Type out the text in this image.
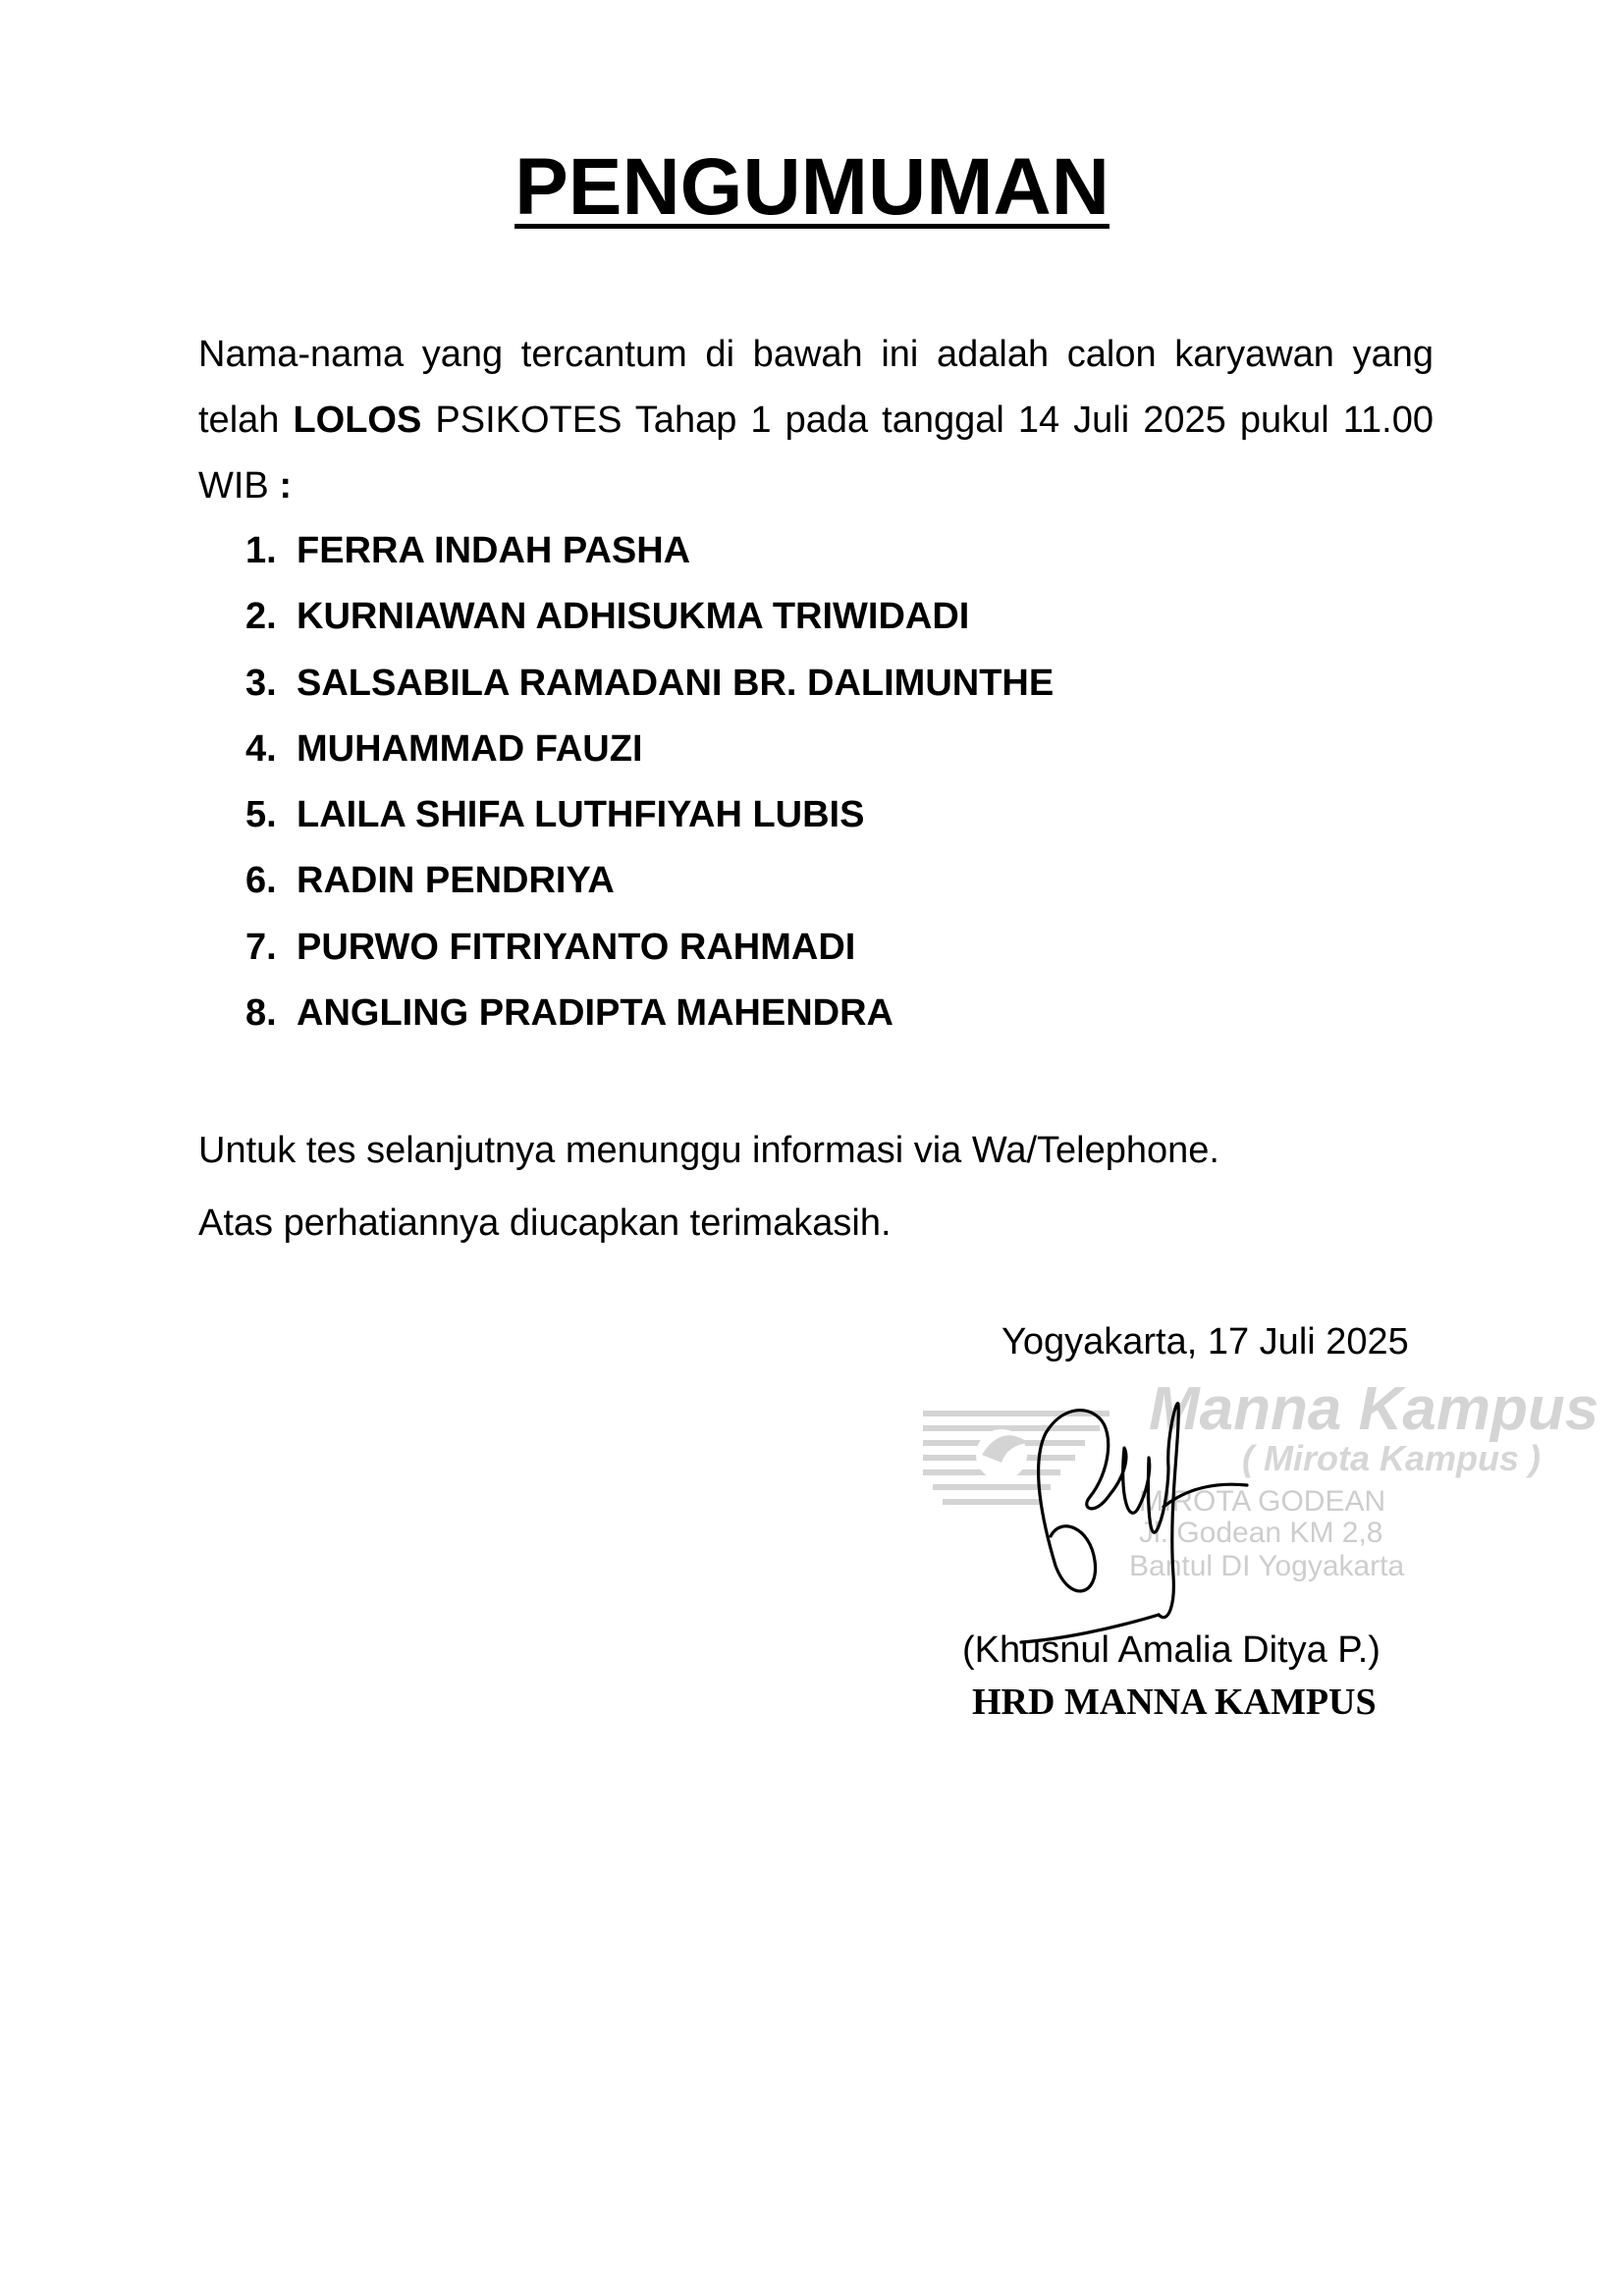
PENGUMUMAN

Nama-nama yang tercantum di bawah ini adalah calon karyawan yang telah LOLOS PSIKOTES Tahap 1 pada tanggal 14 Juli 2025 pukul 11.00 WIB :

1. FERRA INDAH PASHA
2. KURNIAWAN ADHISUKMA TRIWIDADI
3. SALSABILA RAMADANI BR. DALIMUNTHE
4. MUHAMMAD FAUZI
5. LAILA SHIFA LUTHFIYAH LUBIS
6. RADIN PENDRIYA
7. PURWO FITRIYANTO RAHMADI
8. ANGLING PRADIPTA MAHENDRA
Untuk tes selanjutnya menunggu informasi via Wa/Telephone.
Atas perhatiannya diucapkan terimakasih.
Yogyakarta, 17 Juli 2025
Manna Kampus
( Mirota Kampus )
MIROTA GODEAN
Jl. Godean KM 2,8
Bantul DI Yogyakarta
(Khusnul Amalia Ditya P.)
HRD MANNA KAMPUS
